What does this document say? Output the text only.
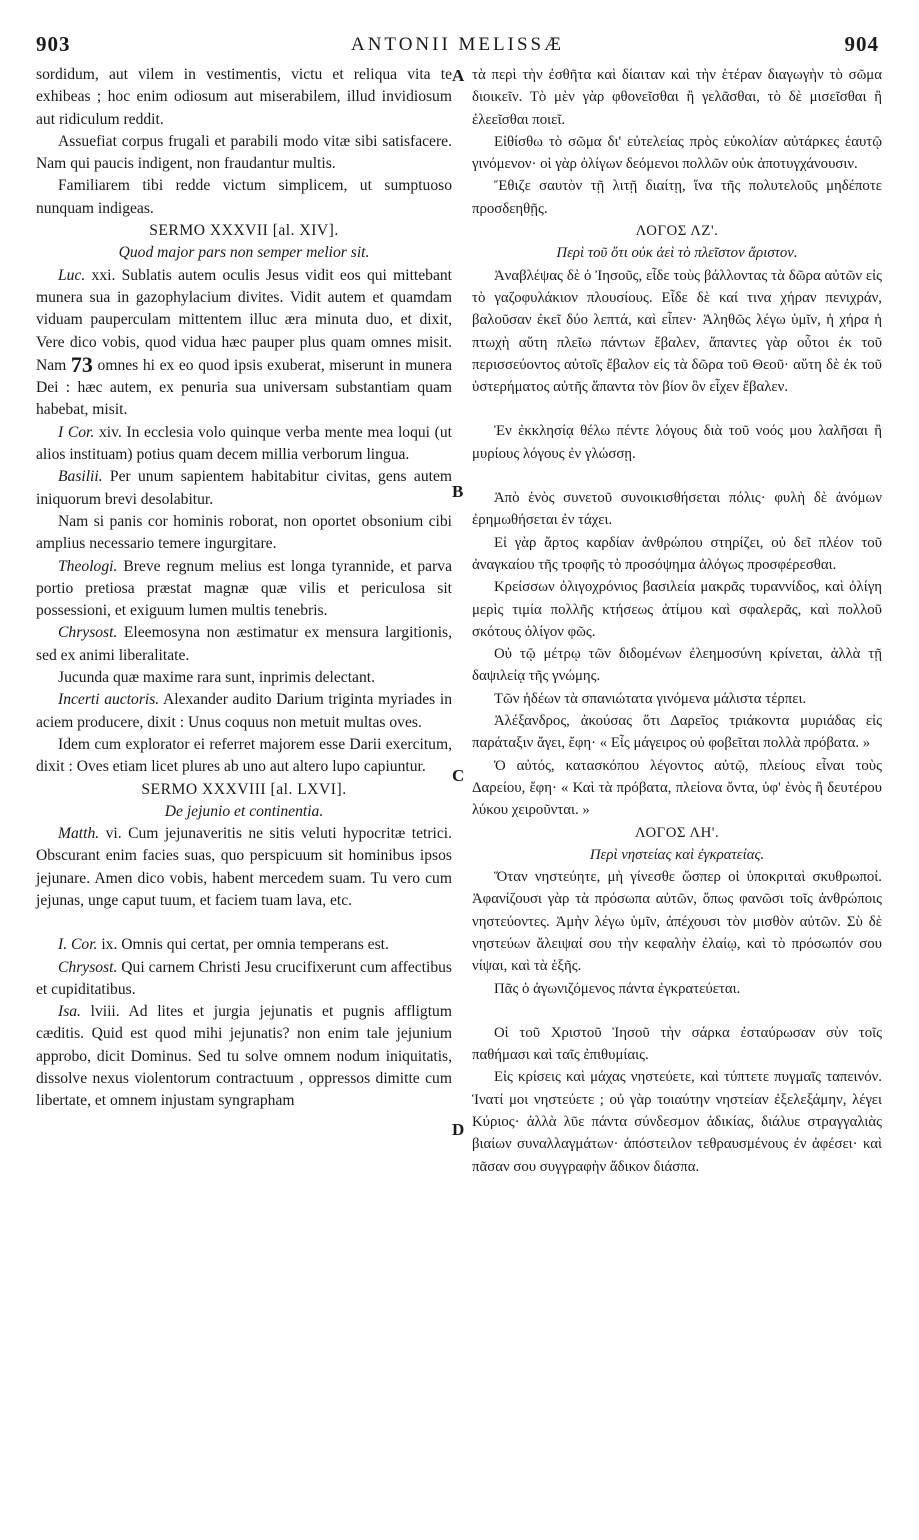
903	ANTONII MELISSÆ	904
A
B
C
D

sordidum, aut vilem in vestimentis, victu et reliqua vita te exhibeas ; hoc enim odiosum aut miserabilem, illud invidiosum aut ridiculum reddit.

Assuefiat corpus frugali et parabili modo vitæ sibi satisfacere. Nam qui paucis indigent, non fraudantur multis.

Familiarem tibi redde victum simplicem, ut sumptuoso nunquam indigeas.

SERMO XXXVII [al. XIV].

Quod major pars non semper melior sit.

Luc. xxi. Sublatis autem oculis Jesus vidit eos qui mittebant munera sua in gazophylacium divites. Vidit autem et quamdam viduam pauperculam mittentem illuc æra minuta duo, et dixit, Vere dico vobis, quod vidua hæc pauper plus quam omnes misit. Nam 73 omnes hi ex eo quod ipsis exuberat, miserunt in munera Dei : hæc autem, ex penuria sua universam substantiam quam habebat, misit.

I Cor. xiv. In ecclesia volo quinque verba mente mea loqui (ut alios instituam) potius quam decem millia verborum lingua.

Basilii. Per unum sapientem habitabitur civitas, gens autem iniquorum brevi desolabitur.

Nam si panis cor hominis roborat, non oportet obsonium cibi amplius necessario temere ingurgitare.

Theologi. Breve regnum melius est longa tyrannide, et parva portio pretiosa præstat magnæ quæ vilis et periculosa sit possessioni, et exiguum lumen multis tenebris.

Chrysost. Eleemosyna non æstimatur ex mensura largitionis, sed ex animi liberalitate.

Jucunda quæ maxime rara sunt, inprimis delectant.

Incerti auctoris. Alexander audito Darium triginta myriades in aciem producere, dixit : Unus coquus non metuit multas oves.

Idem cum explorator ei referret majorem esse Darii exercitum, dixit : Oves etiam licet plures ab uno aut altero lupo capiuntur.

SERMO XXXVIII [al. LXVI].

De jejunio et continentia.

Matth. vi. Cum jejunaveritis ne sitis veluti hypocritæ tetrici. Obscurant enim facies suas, quo perspicuum sit hominibus ipsos jejunare. Amen dico vobis, habent mercedem suam. Tu vero cum jejunas, unge caput tuum, et faciem tuam lava, etc.

I. Cor. ix. Omnis qui certat, per omnia temperans est.

Chrysost. Qui carnem Christi Jesu crucifixerunt cum affectibus et cupiditatibus.

Isa. lviii. Ad lites et jurgia jejunatis et pugnis affligtum cæditis. Quid est quod mihi jejunatis? non enim tale jejunium approbo, dicit Dominus. Sed tu solve omnem nodum iniquitatis, dissolve nexus violentorum contractuum , oppressos dimitte cum libertate, et omnem injustam syngrapham

τὰ περὶ τὴν ἐσθῆτα καὶ δίαιταν καὶ τὴν ἑτέραν διαγωγὴν τὸ σῶμα διοικεῖν. Τὸ μὲν γὰρ φθονεῖσθαι ἢ γελᾶσθαι, τὸ δὲ μισεῖσθαι ἢ ἐλεεῖσθαι ποιεῖ.

Εἰθίσθω τὸ σῶμα δι' εὐτελείας πρὸς εὐκολίαν αὐτάρκες ἑαυτῷ γινόμενον· οἱ γὰρ ὀλίγων δεόμενοι πολλῶν οὐκ ἀποτυγχάνουσιν.

Ἔθιζε σαυτὸν τῇ λιτῇ διαίτῃ, ἵνα τῆς πολυτελοῦς μηδέποτε προσδεηθῇς.

ΛΟΓΟΣ ΛΖ'.

Περὶ τοῦ ὅτι οὐκ ἀεὶ τὸ πλεῖστον ἄριστον.

Ἀναβλέψας δὲ ὁ Ἰησοῦς, εἶδε τοὺς βάλλοντας τὰ δῶρα αὐτῶν εἰς τὸ γαζοφυλάκιον πλουσίους. Εἶδε δὲ καί τινα χήραν πενιχράν, βαλοῦσαν ἐκεῖ δύο λεπτά, καὶ εἶπεν· Ἀληθῶς λέγω ὑμῖν, ἡ χήρα ἡ πτωχὴ αὕτη πλεῖω πάντων ἔβαλεν, ἅπαντες γὰρ οὗτοι ἐκ τοῦ περισσεύοντος αὐτοῖς ἔβαλον εἰς τὰ δῶρα τοῦ Θεοῦ· αὕτη δὲ ἐκ τοῦ ὑστερήματος αὐτῆς ἅπαντα τὸν βίον ὃν εἶχεν ἔβαλεν.

Ἐν ἐκκλησίᾳ θέλω πέντε λόγους διὰ τοῦ νοός μου λαλῆσαι ἢ μυρίους λόγους ἐν γλώσσῃ.

Ἀπὸ ἑνὸς συνετοῦ συνοικισθήσεται πόλις· φυλὴ δὲ ἀνόμων ἐρημωθήσεται ἐν τάχει.

Εἰ γὰρ ἄρτος καρδίαν ἀνθρώπου στηρίζει, οὐ δεῖ πλέον τοῦ ἀναγκαίου τῆς τροφῆς τὸ προσόψημα ἀλόγως προσφέρεσθαι.

Κρείσσων ὀλιγοχρόνιος βασιλεία μακρᾶς τυραννίδος, καὶ ὀλίγη μερὶς τιμία πολλῆς κτήσεως ἀτίμου καὶ σφαλερᾶς, καὶ πολλοῦ σκότους ὀλίγον φῶς.

Οὐ τῷ μέτρῳ τῶν διδομένων ἐλεημοσύνη κρίνεται, ἀλλὰ τῇ δαψιλείᾳ τῆς γνώμης.

Τῶν ἡδέων τὰ σπανιώτατα γινόμενα μάλιστα τέρπει.

Ἀλέξανδρος, ἀκούσας ὅτι Δαρεῖος τριάκοντα μυριάδας εἰς παράταξιν ἄγει, ἔφη· « Εἷς μάγειρος οὐ φοβεῖται πολλὰ πρόβατα. »

Ὁ αὐτός, κατασκόπου λέγοντος αὐτῷ, πλείους εἶναι τοὺς Δαρείου, ἔφη· « Καὶ τὰ πρόβατα, πλείονα ὄντα, ὑφ' ἑνὸς ἢ δευτέρου λύκου χειροῦνται. »

ΛΟΓΟΣ ΛΗ'.

Περὶ νηστείας καὶ ἐγκρατείας.

Ὅταν νηστεύητε, μὴ γίνεσθε ὥσπερ οἱ ὑποκριταὶ σκυθρωποί. Ἀφανίζουσι γὰρ τὰ πρόσωπα αὐτῶν, ὅπως φανῶσι τοῖς ἀνθρώποις νηστεύοντες. Ἀμὴν λέγω ὑμῖν, ἀπέχουσι τὸν μισθὸν αὐτῶν. Σὺ δὲ νηστεύων ἄλειψαί σου τὴν κεφαλὴν ἐλαίῳ, καὶ τὸ πρόσωπόν σου νίψαι, καὶ τὰ ἑξῆς.

Πᾶς ὁ ἀγωνιζόμενος πάντα ἐγκρατεύεται.

Οἱ τοῦ Χριστοῦ Ἰησοῦ τὴν σάρκα ἐσταύρωσαν σὺν τοῖς παθήμασι καὶ ταῖς ἐπιθυμίαις.

Εἰς κρίσεις καὶ μάχας νηστεύετε, καὶ τύπτετε πυγμαῖς ταπεινόν. Ἱνατί μοι νηστεύετε ; οὐ γὰρ τοιαύτην νηστείαν ἐξελεξάμην, λέγει Κύριος· ἀλλὰ λῦε πάντα σύνδεσμον ἀδικίας, διάλυε στραγγαλιὰς βιαίων συναλλαγμάτων· ἀπόστειλον τεθραυσμένους ἐν ἀφέσει· καὶ πᾶσαν σου συγγραφὴν ἄδικον διάσπα.
